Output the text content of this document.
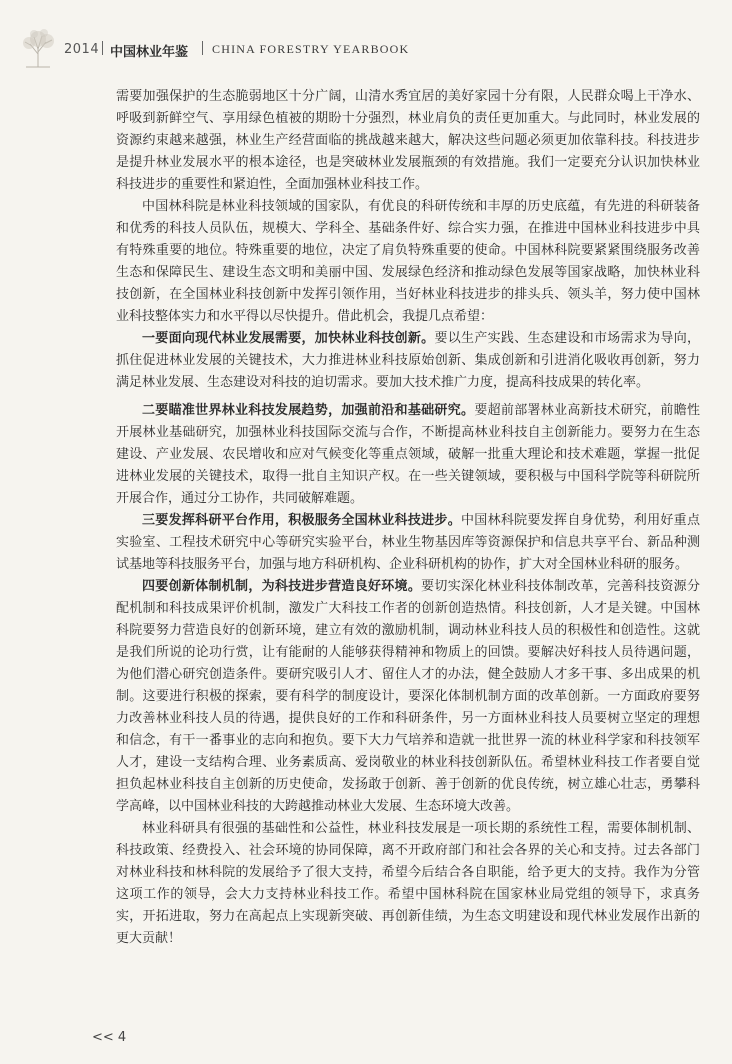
2014 中国林业年鉴 CHINA FORESTRY YEARBOOK

需要加强保护的生态脆弱地区十分广阔，山清水秀宜居的美好家园十分有限，人民群众喝上干净水、呼吸到新鲜空气、享用绿色植被的期盼十分强烈，林业肩负的责任更加重大。与此同时，林业发展的资源约束越来越强，林业生产经营面临的挑战越来越大，解决这些问题必须更加依靠科技。科技进步是提升林业发展水平的根本途径，也是突破林业发展瓶颈的有效措施。我们一定要充分认识加快林业科技进步的重要性和紧迫性，全面加强林业科技工作。

中国林科院是林业科技领域的国家队，有优良的科研传统和丰厚的历史底蕴，有先进的科研装备和优秀的科技人员队伍，规模大、学科全、基础条件好、综合实力强，在推进中国林业科技进步中具有特殊重要的地位。特殊重要的地位，决定了肩负特殊重要的使命。中国林科院要紧紧围绕服务改善生态和保障民生、建设生态文明和美丽中国、发展绿色经济和推动绿色发展等国家战略，加快林业科技创新，在全国林业科技创新中发挥引领作用，当好林业科技进步的排头兵、领头羊，努力使中国林业科技整体实力和水平得以尽快提升。借此机会，我提几点希望：

一要面向现代林业发展需要，加快林业科技创新。要以生产实践、生态建设和市场需求为导向，抓住促进林业发展的关键技术，大力推进林业科技原始创新、集成创新和引进消化吸收再创新，努力满足林业发展、生态建设对科技的迫切需求。要加大技术推广力度，提高科技成果的转化率。

二要瞄准世界林业科技发展趋势，加强前沿和基础研究。要超前部署林业高新技术研究，前瞻性开展林业基础研究，加强林业科技国际交流与合作，不断提高林业科技自主创新能力。要努力在生态建设、产业发展、农民增收和应对气候变化等重点领域，破解一批重大理论和技术难题，掌握一批促进林业发展的关键技术，取得一批自主知识产权。在一些关键领域，要积极与中国科学院等科研院所开展合作，通过分工协作，共同破解难题。

三要发挥科研平台作用，积极服务全国林业科技进步。中国林科院要发挥自身优势，利用好重点实验室、工程技术研究中心等研究实验平台，林业生物基因库等资源保护和信息共享平台、新品种测试基地等科技服务平台，加强与地方科研机构、企业科研机构的协作，扩大对全国林业科研的服务。

四要创新体制机制，为科技进步营造良好环境。要切实深化林业科技体制改革，完善科技资源分配机制和科技成果评价机制，激发广大科技工作者的创新创造热情。科技创新，人才是关键。中国林科院要努力营造良好的创新环境，建立有效的激励机制，调动林业科技人员的积极性和创造性。这就是我们所说的论功行赏，让有能耐的人能够获得精神和物质上的回馈。要解决好科技人员待遇问题，为他们潜心研究创造条件。要研究吸引人才、留住人才的办法，健全鼓励人才多干事、多出成果的机制。这要进行积极的探索，要有科学的制度设计，要深化体制机制方面的改革创新。一方面政府要努力改善林业科技人员的待遇，提供良好的工作和科研条件，另一方面林业科技人员要树立坚定的理想和信念，有干一番事业的志向和抱负。要下大力气培养和造就一批世界一流的林业科学家和科技领军人才，建设一支结构合理、业务素质高、爱岗敬业的林业科技创新队伍。希望林业科技工作者要自觉担负起林业科技自主创新的历史使命，发扬敢于创新、善于创新的优良传统，树立雄心壮志，勇攀科学高峰，以中国林业科技的大跨越推动林业大发展、生态环境大改善。

林业科研具有很强的基础性和公益性，林业科技发展是一项长期的系统性工程，需要体制机制、科技政策、经费投入、社会环境的协同保障，离不开政府部门和社会各界的关心和支持。过去各部门对林业科技和林科院的发展给予了很大支持，希望今后结合各自职能，给予更大的支持。我作为分管这项工作的领导，会大力支持林业科技工作。希望中国林科院在国家林业局党组的领导下，求真务实，开拓进取，努力在高起点上实现新突破、再创新佳绩，为生态文明建设和现代林业发展作出新的更大贡献！

<< 4
